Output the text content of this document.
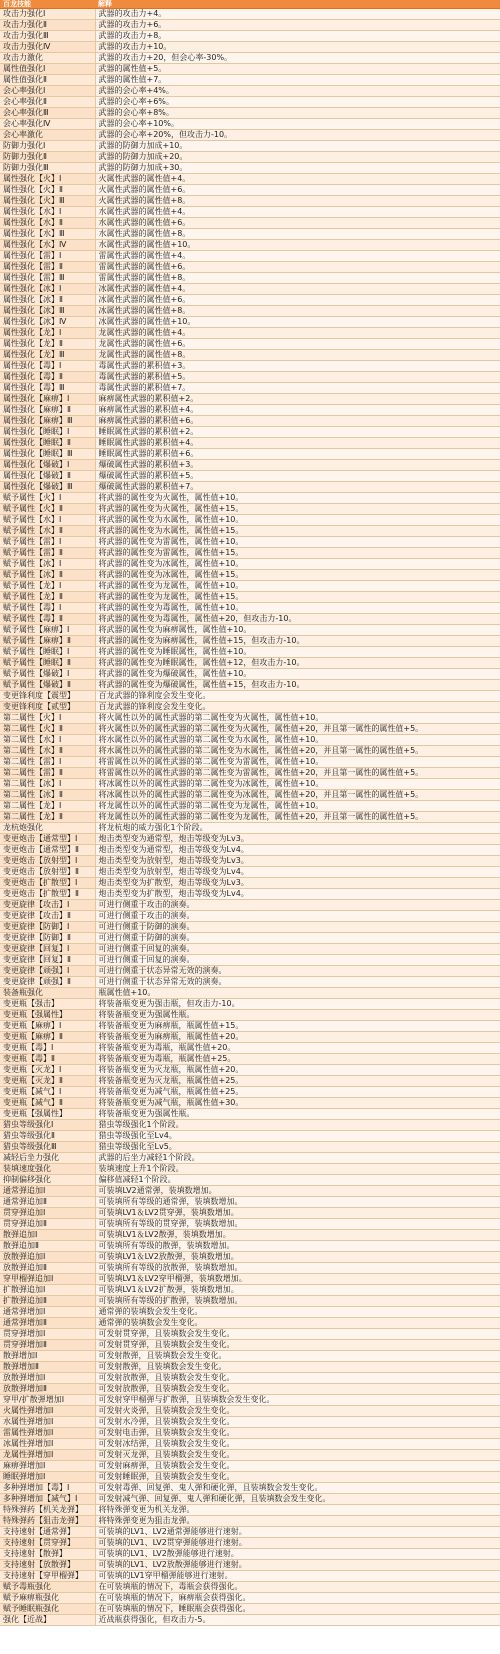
百龙技能	解释
攻击力强化Ⅰ	武器的攻击力+4。
攻击力强化Ⅱ	武器的攻击力+6。
攻击力强化Ⅲ	武器的攻击力+8。
攻击力强化Ⅳ	武器的攻击力+10。
攻击力激化	武器的攻击力+20，但会心率-30%。
属性值强化Ⅰ	武器的属性值+5。
属性值强化Ⅱ	武器的属性值+7。
会心率强化Ⅰ	武器的会心率+4%。
会心率强化Ⅱ	武器的会心率+6%。
会心率强化Ⅲ	武器的会心率+8%。
会心率强化Ⅳ	武器的会心率+10%。
会心率激化	武器的会心率+20%，但攻击力-10。
防御力强化Ⅰ	武器的防御力加成+10。
防御力强化Ⅱ	武器的防御力加成+20。
防御力强化Ⅲ	武器的防御力加成+30。
属性强化【火】Ⅰ	火属性武器的属性值+4。
属性强化【火】Ⅱ	火属性武器的属性值+6。
属性强化【火】Ⅲ	火属性武器的属性值+8。
属性强化【水】Ⅰ	水属性武器的属性值+4。
属性强化【水】Ⅱ	水属性武器的属性值+6。
属性强化【水】Ⅲ	水属性武器的属性值+8。
属性强化【水】Ⅳ	水属性武器的属性值+10。
属性强化【雷】Ⅰ	雷属性武器的属性值+4。
属性强化【雷】Ⅱ	雷属性武器的属性值+6。
属性强化【雷】Ⅲ	雷属性武器的属性值+8。
属性强化【冰】Ⅰ	冰属性武器的属性值+4。
属性强化【冰】Ⅱ	冰属性武器的属性值+6。
属性强化【冰】Ⅲ	冰属性武器的属性值+8。
属性强化【冰】Ⅳ	冰属性武器的属性值+10。
属性强化【龙】Ⅰ	龙属性武器的属性值+4。
属性强化【龙】Ⅱ	龙属性武器的属性值+6。
属性强化【龙】Ⅲ	龙属性武器的属性值+8。
属性强化【毒】Ⅰ	毒属性武器的累积值+3。
属性强化【毒】Ⅱ	毒属性武器的累积值+5。
属性强化【毒】Ⅲ	毒属性武器的累积值+7。
属性强化【麻痹】Ⅰ	麻痹属性武器的累积值+2。
属性强化【麻痹】Ⅱ	麻痹属性武器的累积值+4。
属性强化【麻痹】Ⅲ	麻痹属性武器的累积值+6。
属性强化【睡眠】Ⅰ	睡眠属性武器的累积值+2。
属性强化【睡眠】Ⅱ	睡眠属性武器的累积值+4。
属性强化【睡眠】Ⅲ	睡眠属性武器的累积值+6。
属性强化【爆破】Ⅰ	爆破属性武器的累积值+3。
属性强化【爆破】Ⅱ	爆破属性武器的累积值+5。
属性强化【爆破】Ⅲ	爆破属性武器的累积值+7。
赋予属性【火】Ⅰ	将武器的属性变为火属性，属性值+10。
赋予属性【火】Ⅱ	将武器的属性变为火属性，属性值+15。
赋予属性【水】Ⅰ	将武器的属性变为水属性，属性值+10。
赋予属性【水】Ⅱ	将武器的属性变为水属性，属性值+15。
赋予属性【雷】Ⅰ	将武器的属性变为雷属性，属性值+10。
赋予属性【雷】Ⅱ	将武器的属性变为雷属性，属性值+15。
赋予属性【冰】Ⅰ	将武器的属性变为冰属性，属性值+10。
赋予属性【冰】Ⅱ	将武器的属性变为冰属性，属性值+15。
赋予属性【龙】Ⅰ	将武器的属性变为龙属性，属性值+10。
赋予属性【龙】Ⅱ	将武器的属性变为龙属性，属性值+15。
赋予属性【毒】Ⅰ	将武器的属性变为毒属性，属性值+10。
赋予属性【毒】Ⅱ	将武器的属性变为毒属性，属性值+20，但攻击力-10。
赋予属性【麻痹】Ⅰ	将武器的属性变为麻痹属性，属性值+10。
赋予属性【麻痹】Ⅱ	将武器的属性变为麻痹属性，属性值+15，但攻击力-10。
赋予属性【睡眠】Ⅰ	将武器的属性变为睡眠属性，属性值+10。
赋予属性【睡眠】Ⅱ	将武器的属性变为睡眠属性，属性值+12，但攻击力-10。
赋予属性【爆破】Ⅰ	将武器的属性变为爆破属性，属性值+10。
赋予属性【爆破】Ⅱ	将武器的属性变为爆破属性，属性值+15，但攻击力-10。
变更锋利度【震型】	百龙武器的锋利度会发生变化。
变更锋利度【贰型】	百龙武器的锋利度会发生变化。
第二属性【火】Ⅰ	将火属性以外的属性武器的第二属性变为火属性，属性值+10。
第二属性【火】Ⅱ	将火属性以外的属性武器的第二属性变为火属性，属性值+20，并且第一属性的属性值+5。
第二属性【水】Ⅰ	将水属性以外的属性武器的第二属性变为水属性，属性值+10。
第二属性【水】Ⅱ	将水属性以外的属性武器的第二属性变为水属性，属性值+20，并且第一属性的属性值+5。
第二属性【雷】Ⅰ	将雷属性以外的属性武器的第二属性变为雷属性，属性值+10。
第二属性【雷】Ⅱ	将雷属性以外的属性武器的第二属性变为雷属性，属性值+20，并且第一属性的属性值+5。
第二属性【冰】Ⅰ	将冰属性以外的属性武器的第二属性变为冰属性，属性值+10。
第二属性【冰】Ⅱ	将冰属性以外的属性武器的第二属性变为冰属性，属性值+20，并且第一属性的属性值+5。
第二属性【龙】Ⅰ	将龙属性以外的属性武器的第二属性变为龙属性，属性值+10。
第二属性【龙】Ⅱ	将龙属性以外的属性武器的第二属性变为龙属性，属性值+20，并且第一属性的属性值+5。
龙杭炮强化	将龙杭炮的威力强化1个阶段。
变更炮击【通常型】Ⅰ	炮击类型变为通常型，炮击等级变为Lv3。
变更炮击【通常型】Ⅱ	炮击类型变为通常型，炮击等级变为Lv4。
变更炮击【放射型】Ⅰ	炮击类型变为放射型，炮击等级变为Lv3。
变更炮击【放射型】Ⅱ	炮击类型变为放射型，炮击等级变为Lv4。
变更炮击【扩散型】Ⅰ	炮击类型变为扩散型，炮击等级变为Lv3。
变更炮击【扩散型】Ⅱ	炮击类型变为扩散型，炮击等级变为Lv4。
变更旋律【攻击】Ⅰ	可进行侧重于攻击的演奏。
变更旋律【攻击】Ⅱ	可进行侧重于攻击的演奏。
变更旋律【防御】Ⅰ	可进行侧重于防御的演奏。
变更旋律【防御】Ⅱ	可进行侧重于防御的演奏。
变更旋律【回复】Ⅰ	可进行侧重于回复的演奏。
变更旋律【回复】Ⅱ	可进行侧重于回复的演奏。
变更旋律【顽强】Ⅰ	可进行侧重于状态异常无效的演奏。
变更旋律【顽强】Ⅱ	可进行侧重于状态异常无效的演奏。
装备瓶强化	瓶属性值+10。
变更瓶【强击】	将装备瓶变更为强击瓶，但攻击力-10。
变更瓶【强属性】	将装备瓶变更为强属性瓶。
变更瓶【麻痹】Ⅰ	将装备瓶变更为麻痹瓶，瓶属性值+15。
变更瓶【麻痹】Ⅱ	将装备瓶变更为麻痹瓶，瓶属性值+20。
变更瓶【毒】Ⅰ	将装备瓶变更为毒瓶，瓶属性值+20。
变更瓶【毒】Ⅱ	将装备瓶变更为毒瓶，瓶属性值+25。
变更瓶【灭龙】Ⅰ	将装备瓶变更为灭龙瓶，瓶属性值+20。
变更瓶【灭龙】Ⅱ	将装备瓶变更为灭龙瓶，瓶属性值+25。
变更瓶【减气】Ⅰ	将装备瓶变更为减气瓶，瓶属性值+25。
变更瓶【减气】Ⅱ	将装备瓶变更为减气瓶，瓶属性值+30。
变更瓶【强属性】	将装备瓶变更为强属性瓶。
猎虫等级强化Ⅰ	猎虫等级强化1个阶段。
猎虫等级强化Ⅱ	猎虫等级强化至Lv4。
猎虫等级强化Ⅲ	猎虫等级强化至Lv5。
减轻后坐力强化	武器的后坐力减轻1个阶段。
装填速度强化	装填速度上升1个阶段。
抑制偏移强化	偏移值减轻1个阶段。
通常弹追加Ⅰ	可装填LV2通常弹，装填数增加。
通常弹追加Ⅱ	可装填所有等级的通常弹，装填数增加。
贯穿弹追加Ⅰ	可装填LV1＆LV2贯穿弹，装填数增加。
贯穿弹追加Ⅱ	可装填所有等级的贯穿弹，装填数增加。
散弹追加Ⅰ	可装填LV1＆LV2散弹，装填数增加。
散弹追加Ⅱ	可装填所有等级的散弹，装填数增加。
放散弹追加Ⅰ	可装填LV1＆LV2放散弹，装填数增加。
放散弹追加Ⅱ	可装填所有等级的放散弹，装填数增加。
穿甲榴弹追加Ⅰ	可装填LV1＆LV2穿甲榴弹，装填数增加。
扩散弹追加Ⅰ	可装填LV1＆LV2扩散弹，装填数增加。
扩散弹追加Ⅱ	可装填所有等级的扩散弹，装填数增加。
通常弹增加Ⅰ	通常弹的装填数会发生变化。
通常弹增加Ⅱ	通常弹的装填数会发生变化。
贯穿弹增加Ⅰ	可发射贯穿弹，且装填数会发生变化。
贯穿弹增加Ⅱ	可发射贯穿弹，且装填数会发生变化。
散弹增加Ⅰ	可发射散弹，且装填数会发生变化。
散弹增加Ⅱ	可发射散弹，且装填数会发生变化。
放散弹增加Ⅰ	可发射放散弹，且装填数会发生变化。
放散弹增加Ⅱ	可发射放散弹，且装填数会发生变化。
穿甲/扩散弹增加Ⅰ	可发射穿甲榴弹与扩散弹，且装填数会发生变化。
火属性弹增加Ⅰ	可发射火炎弹，且装填数会发生变化。
水属性弹增加Ⅰ	可发射水冷弹，且装填数会发生变化。
雷属性弹增加Ⅰ	可发射电击弹，且装填数会发生变化。
冰属性弹增加Ⅰ	可发射冰结弹，且装填数会发生变化。
龙属性弹增加Ⅰ	可发射灭龙弹，且装填数会发生变化。
麻痹弹增加Ⅰ	可发射麻痹弹，且装填数会发生变化。
睡眠弹增加Ⅰ	可发射睡眠弹，且装填数会发生变化。
多种弹增加【毒】Ⅰ	可发射毒弹、回复弹、鬼人弹和硬化弹，且装填数会发生变化。
多种弹增加【减气】Ⅰ	可发射减气弹、回复弹、鬼人弹和硬化弹，且装填数会发生变化。
特殊弹药【机关龙弹】	将特殊弹变更为机关龙弹。
特殊弹药【狙击龙弹】	将特殊弹变更为狙击龙弹。
支持速射【通常弹】	可装填的LV1、LV2通常弹能够进行速射。
支持速射【贯穿弹】	可装填的LV1、LV2贯穿弹能够进行速射。
支持速射【散弹】	可装填的LV1、LV2散弹能够进行速射。
支持速射【放散弹】	可装填的LV1、LV2放散弹能够进行速射。
支持速射【穿甲榴弹】	可装填的LV1穿甲榴弹能够进行速射。
赋予毒瓶强化	在可装填瓶的情况下，毒瓶会获得强化。
赋予麻痹瓶强化	在可装填瓶的情况下，麻痹瓶会获得强化。
赋予睡眠瓶强化	在可装填瓶的情况下，睡眠瓶会获得强化。
强化【近战】	近战瓶获得强化，但攻击力-5。
